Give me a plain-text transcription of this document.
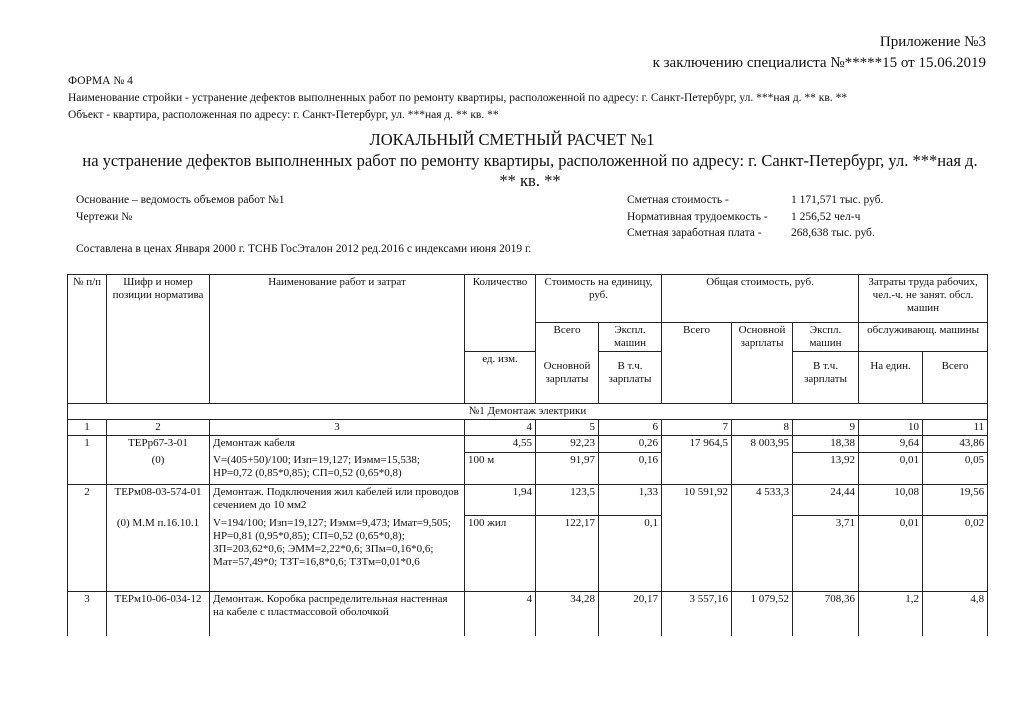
Приложение №3
к заключению специалиста №*****15 от 15.06.2019
ФОРМА № 4
Наименование стройки - устранение дефектов выполненных работ по ремонту квартиры, расположенной по адресу: г. Санкт-Петербург, ул. ***ная д. ** кв. **
Объект - квартира, расположенная по адресу: г. Санкт-Петербург, ул. ***ная д. ** кв. **
ЛОКАЛЬНЫЙ СМЕТНЫЙ РАСЧЕТ №1
на устранение дефектов выполненных работ по ремонту квартиры, расположенной по адресу: г. Санкт-Петербург, ул. ***ная д. ** кв. **
Основание – ведомость объемов работ №1
Чертежи №
Составлена в ценах Января 2000 г. ТСНБ ГосЭталон 2012 ред.2016 с индексами июня 2019 г.
Сметная стоимость -	1 171,571 тыс. руб.
Нормативная трудоемкость - 1 256,52 чел-ч
Сметная заработная плата -	268,638 тыс. руб.
№ п/п	Шифр и номер позиции норматива	Наименование работ и затрат	Количество	Стоимость на единицу, руб.		Общая стоимость, руб.			Затраты труда рабочих, чел.-ч. не занят. обсл. машин	
				Всего	Экспл. машин	Всего	Основной зарплаты	Экспл. машин	обслуживающ. машины	
			ед. изм.	Основной зарплаты	В т.ч. зарплаты			В т.ч. зарплаты	На един.	Всего
№1 Демонтаж электрики										
1	2	3	4	5	6	7	8	9	10	11
1	ТЕРр67-3-01	Демонтаж кабеля	4,55	92,23	0,26	17 964,5	8 003,95	18,38	9,64	43,86
	(0)	V=(405+50)/100; Изп=19,127; Иэмм=15,538; НР=0,72 (0,85*0,85); СП=0,52 (0,65*0,8)	100 м	91,97	0,16			13,92	0,01	0,05
2	ТЕРм08-03-574-01	Демонтаж. Подключения жил кабелей или проводов сечением до 10 мм2	1,94	123,5	1,33	10 591,92	4 533,3	24,44	10,08	19,56
	(0) М.М п.16.10.1	V=194/100; Изп=19,127; Иэмм=9,473; Имат=9,505; НР=0,81 (0,95*0,85); СП=0,52 (0,65*0,8); ЗП=203,62*0,6; ЭММ=2,22*0,6; ЗПм=0,16*0,6; Мат=57,49*0; ТЗТ=16,8*0,6; ТЗТм=0,01*0,6	100 жил	122,17	0,1			3,71	0,01	0,02
3	ТЕРм10-06-034-12	Демонтаж. Коробка распределительная настенная на кабеле с пластмассовой оболочкой	4	34,28	20,17	3 557,16	1 079,52	708,36	1,2	4,8
